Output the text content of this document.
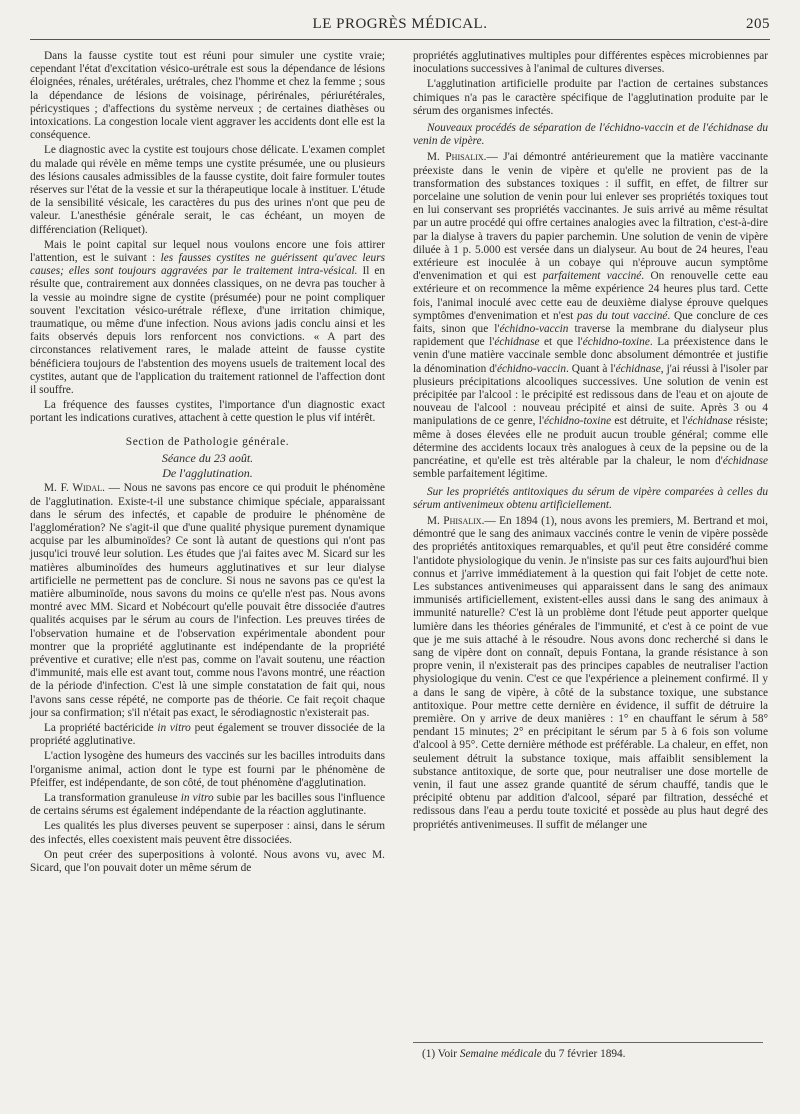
LE PROGRÈS MÉDICAL.	205

Dans la fausse cystite tout est réuni pour simuler une cystite vraie; cependant l'état d'excitation vésico-urétrale est sous la dépendance de lésions éloignées, rénales, urétérales, urétrales, chez l'homme et chez la femme ; sous la dépendance de lésions de voisinage, périrénales, périurétérales, péricystiques ; d'affections du système nerveux ; de certaines diathèses ou intoxications. La congestion locale vient aggraver les accidents dont elle est la conséquence.

Le diagnostic avec la cystite est toujours chose délicate. L'examen complet du malade qui révèle en même temps une cystite présumée, une ou plusieurs des lésions causales admissibles de la fausse cystite, doit faire formuler toutes réserves sur l'état de la vessie et sur la thérapeutique locale à instituer. L'étude de la sensibilité vésicale, les caractères du pus des urines n'ont que peu de valeur. L'anesthésie générale serait, le cas échéant, un moyen de différenciation (Reliquet).

Mais le point capital sur lequel nous voulons encore une fois attirer l'attention, est le suivant : les fausses cystites ne guérissent qu'avec leurs causes; elles sont toujours aggravées par le traitement intra-vésical. Il en résulte que, contrairement aux données classiques, on ne devra pas toucher à la vessie au moindre signe de cystite (présumée) pour ne point compliquer souvent l'excitation vésico-urétrale réflexe, d'une irritation chimique, traumatique, ou même d'une infection. Nous avions jadis conclu ainsi et les faits observés depuis lors renforcent nos convictions. « A part des circonstances relativement rares, le malade atteint de fausse cystite bénéficiera toujours de l'abstention des moyens usuels de traitement local des cystites, autant que de l'application du traitement rationnel de l'affection dont il souffre.

La fréquence des fausses cystites, l'importance d'un diagnostic exact portant les indications curatives, attachent à cette question le plus vif intérêt.

Section de Pathologie générale.
Séance du 23 août.
De l'agglutination.

M. F. Widal. — Nous ne savons pas encore ce qui produit le phénomène de l'agglutination. Existe-t-il une substance chimique spéciale, apparaissant dans le sérum des infectés, et capable de produire le phénomène de l'agglomération? Ne s'agit-il que d'une qualité physique purement dynamique acquise par les albuminoïdes? Ce sont là autant de questions qui n'ont pas jusqu'ici trouvé leur solution. Les études que j'ai faites avec M. Sicard sur les matières albuminoïdes des humeurs agglutinatives et sur leur dialyse artificielle ne permettent pas de conclure. Si nous ne savons pas ce qu'est la matière albuminoïde, nous savons du moins ce qu'elle n'est pas. Nous avons montré avec MM. Sicard et Nobécourt qu'elle pouvait être dissociée d'autres qualités acquises par le sérum au cours de l'infection. Les preuves tirées de l'observation humaine et de l'observation expérimentale abondent pour montrer que la propriété agglutinante est indépendante de la propriété préventive et curative; elle n'est pas, comme on l'avait soutenu, une réaction d'immunité, mais elle est avant tout, comme nous l'avons montré, une réaction de la période d'infection. C'est là une simple constatation de fait qui, nous l'avons sans cesse répété, ne comporte pas de théorie. Ce fait reçoit chaque jour sa confirmation; s'il n'était pas exact, le sérodiagnostic n'existerait pas.

La propriété bactéricide in vitro peut également se trouver dissociée de la propriété agglutinative.

L'action lysogène des humeurs des vaccinés sur les bacilles introduits dans l'organisme animal, action dont le type est fourni par le phénomène de Pfeiffer, est indépendante, de son côté, de tout phénomène d'agglutination.

La transformation granuleuse in vitro subie par les bacilles sous l'influence de certains sérums est également indépendante de la réaction agglutinante.

Les qualités les plus diverses peuvent se superposer : ainsi, dans le sérum des infectés, elles coexistent mais peuvent être dissociées.

On peut créer des superpositions à volonté. Nous avons vu, avec M. Sicard, que l'on pouvait doter un même sérum de

propriétés agglutinatives multiples pour différentes espèces microbiennes par inoculations successives à l'animal de cultures diverses.

L'agglutination artificielle produite par l'action de certaines substances chimiques n'a pas le caractère spécifique de l'agglutination produite par le sérum des organismes infectés.

Nouveaux procédés de séparation de l'échidno-vaccin et de l'échidnase du venin de vipère.

M. Phisalix.— J'ai démontré antérieurement que la matière vaccinante préexiste dans le venin de vipère et qu'elle ne provient pas de la transformation des substances toxiques : il suffit, en effet, de filtrer sur porcelaine une solution de venin pour lui enlever ses propriétés toxiques tout en lui conservant ses propriétés vaccinantes. Je suis arrivé au même résultat par un autre procédé qui offre certaines analogies avec la filtration, c'est-à-dire par la dialyse à travers du papier parchemin. Une solution de venin de vipère diluée à 1 p. 5.000 est versée dans un dialyseur. Au bout de 24 heures, l'eau extérieure est inoculée à un cobaye qui n'éprouve aucun symptôme d'envenimation et qui est parfaitement vacciné. On renouvelle cette eau extérieure et on recommence la même expérience 24 heures plus tard. Cette fois, l'animal inoculé avec cette eau de deuxième dialyse éprouve quelques symptômes d'envenimation et n'est pas du tout vacciné. Que conclure de ces faits, sinon que l'échidno-vaccin traverse la membrane du dialyseur plus rapidement que l'échidnase et que l'échidno-toxine. La préexistence dans le venin d'une matière vaccinale semble donc absolument démontrée et justifie la dénomination d'échidno-vaccin. Quant à l'échidnase, j'ai réussi à l'isoler par plusieurs précipitations alcooliques successives. Une solution de venin est précipitée par l'alcool : le précipité est redissous dans de l'eau et on ajoute de nouveau de l'alcool : nouveau précipité et ainsi de suite. Après 3 ou 4 manipulations de ce genre, l'échidno-toxine est détruite, et l'échidnase résiste; même à doses élevées elle ne produit aucun trouble général; comme elle détermine des accidents locaux très analogues à ceux de la pepsine ou de la pancréatine, et qu'elle est très altérable par la chaleur, le nom d'échidnase semble parfaitement légitime.

Sur les propriétés antitoxiques du sérum de vipère comparées à celles du sérum antivenimeux obtenu artificiellement.

M. Phisalix.— En 1894 (1), nous avons les premiers, M. Bertrand et moi, démontré que le sang des animaux vaccinés contre le venin de vipère possède des propriétés antitoxiques remarquables, et qu'il peut être considéré comme l'antidote physiologique du venin. Je n'insiste pas sur ces faits aujourd'hui bien connus et j'arrive immédiatement à la question qui fait l'objet de cette note. Les substances antivenimeuses qui apparaissent dans le sang des animaux immunisés artificiellement, existent-elles aussi dans le sang des animaux à immunité naturelle? C'est là un problème dont l'étude peut apporter quelque lumière dans les théories générales de l'immunité, et c'est à ce point de vue que je me suis attaché à le résoudre. Nous avons donc recherché si dans le sang de vipère dont on connaît, depuis Fontana, la grande résistance à son propre venin, il n'existerait pas des principes capables de neutraliser l'action physiologique du venin. C'est ce que l'expérience a pleinement confirmé. Il y a dans le sang de vipère, à côté de la substance toxique, une substance antitoxique. Pour mettre cette dernière en évidence, il suffit de détruire la première. On y arrive de deux manières : 1° en chauffant le sérum à 58° pendant 15 minutes; 2° en précipitant le sérum par 5 à 6 fois son volume d'alcool à 95°. Cette dernière méthode est préférable. La chaleur, en effet, non seulement détruit la substance toxique, mais affaiblit sensiblement la substance antitoxique, de sorte que, pour neutraliser une dose mortelle de venin, il faut une assez grande quantité de sérum chauffé, tandis que le précipité obtenu par addition d'alcool, séparé par filtration, desséché et redissous dans l'eau a perdu toute toxicité et possède au plus haut degré des propriétés antivenimeuses. Il suffit de mélanger une

(1) Voir Semaine médicale du 7 février 1894.
